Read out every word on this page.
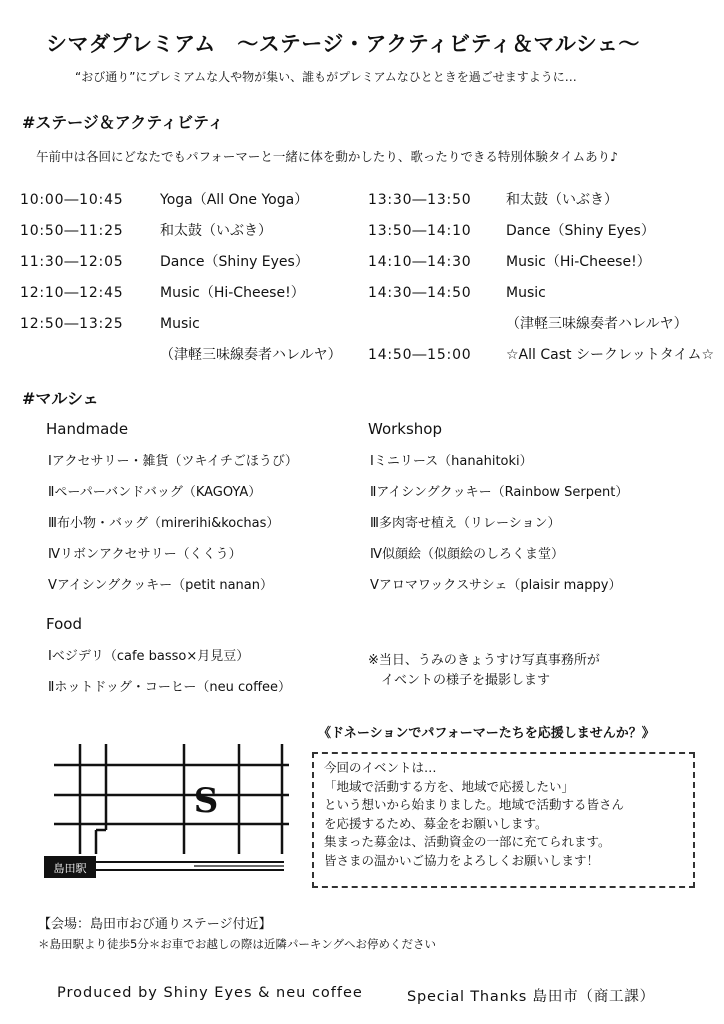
シマダプレミアム　〜ステージ・アクティビティ＆マルシェ〜
“おび通り”にプレミアムな人や物が集い、誰もがプレミアムなひとときを過ごせますように…
#ステージ＆アクティビティ
午前中は各回にどなたでもパフォーマーと一緒に体を動かしたり、歌ったりできる特別体験タイムあり♪
10:00―10:45	Yoga（All One Yoga）
10:50―11:25	和太鼓（いぶき）
11:30―12:05	Dance（Shiny Eyes）
12:10―12:45	Music（Hi-Cheese!）
12:50―13:25	Music
（津軽三味線奏者ハレルヤ）
13:30―13:50	和太鼓（いぶき）
13:50―14:10	Dance（Shiny Eyes）
14:10―14:30	Music（Hi-Cheese!）
14:30―14:50	Music
（津軽三味線奏者ハレルヤ）
14:50―15:00	☆All Cast シークレットタイム☆
#マルシェ
Handmade
Ⅰアクセサリー・雑貨（ツキイチごほうび）
Ⅱペーパーバンドバッグ（KAGOYA）
Ⅲ布小物・バッグ（mirerihi&kochas）
Ⅳリボンアクセサリー（くくう）
Ⅴアイシングクッキー（petit nanan）
Workshop
Ⅰミニリース（hanahitoki）
Ⅱアイシングクッキー（Rainbow Serpent）
Ⅲ多肉寄せ植え（リレーション）
Ⅳ似顔絵（似顔絵のしろくま堂）
Ⅴアロマワックスサシェ（plaisir mappy）
Food
Ⅰベジデリ（cafe basso×月見豆）
Ⅱホットドッグ・コーヒー（neu coffee）
※当日、うみのきょうすけ写真事務所が
　イベントの様子を撮影します
《ドネーションでパフォーマーたちを応援しませんか？》
今回のイベントは…
「地域で活動する方を、地域で応援したい」
という想いから始まりました。地域で活動する皆さん
を応援するため、募金をお願いします。
集まった募金は、活動資金の一部に充てられます。
皆さまの温かいご協力をよろしくお願いします！
S
島田駅
【会場：島田市おび通りステージ付近】
＊島田駅より徒歩5分＊お車でお越しの際は近隣パーキングへお停めください
Produced by Shiny Eyes & neu coffee	Special Thanks 島田市（商工課）
